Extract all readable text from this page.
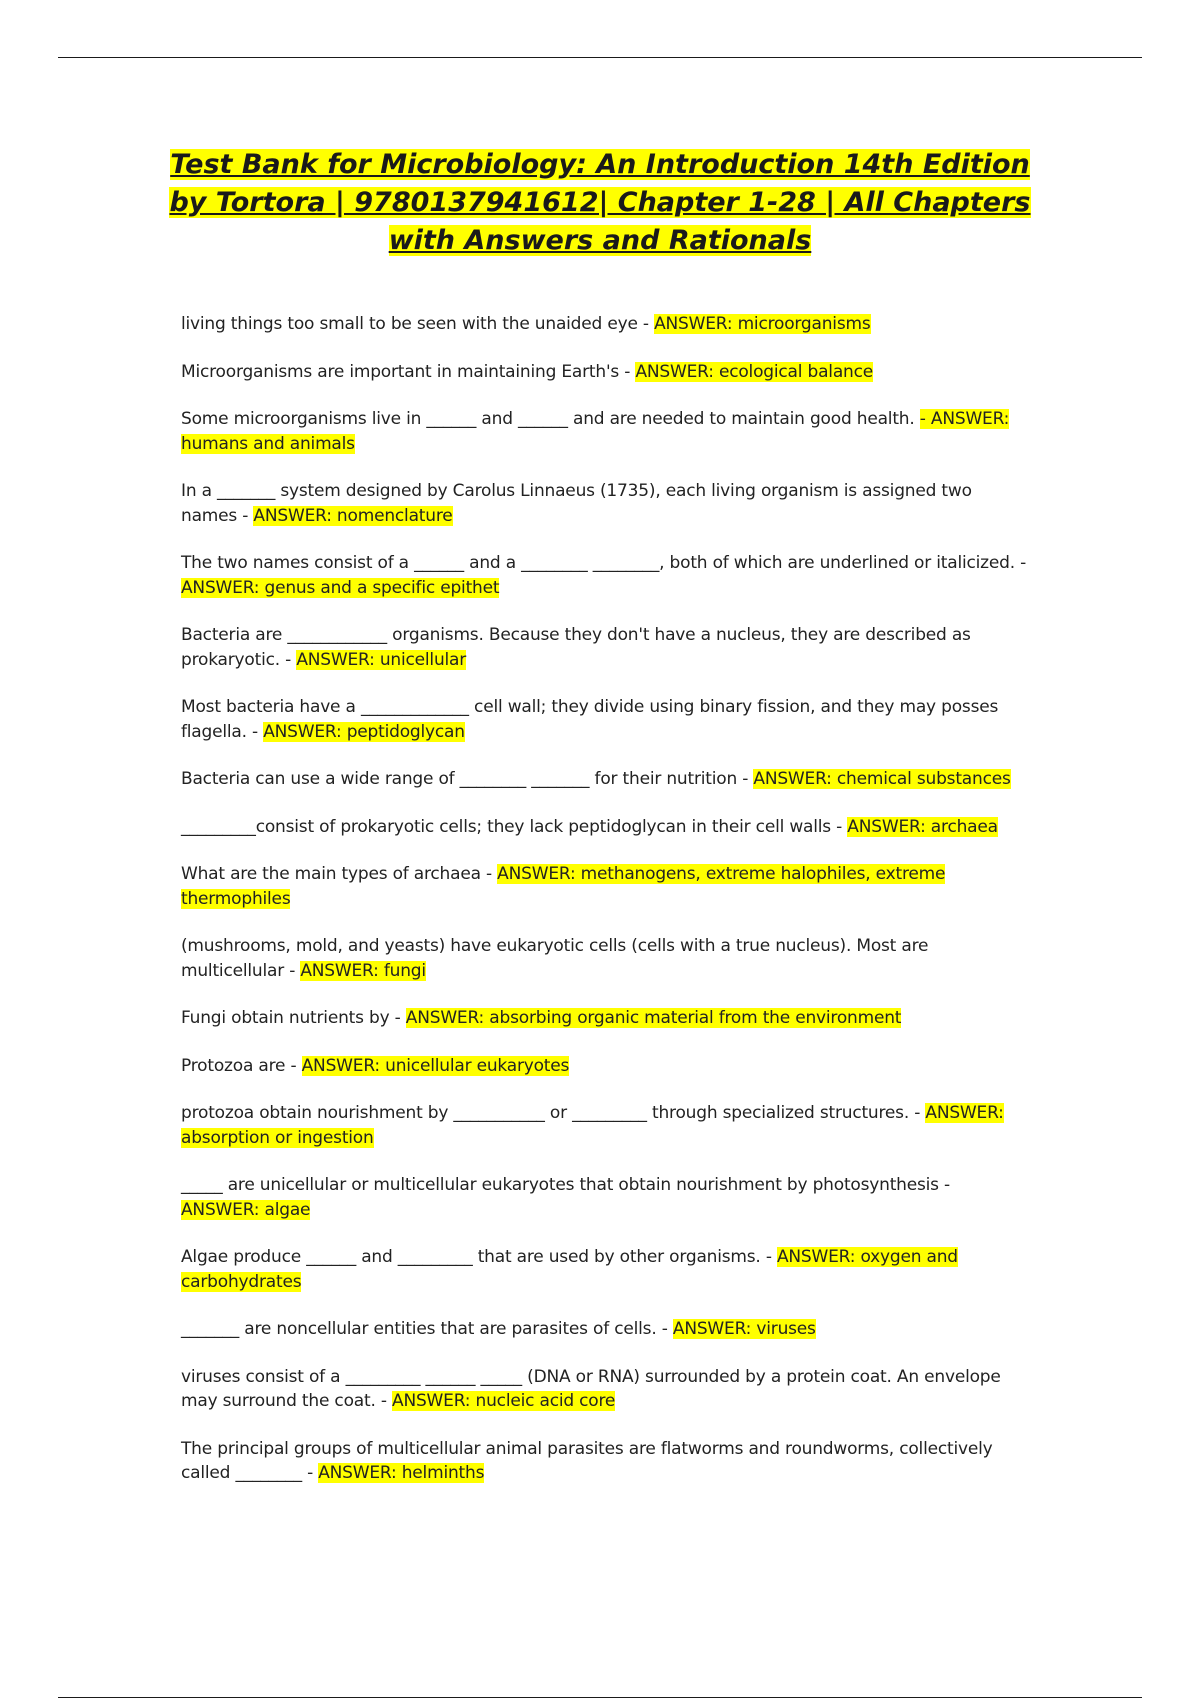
Test Bank for Microbiology: An Introduction 14th Edition by Tortora | 9780137941612| Chapter 1-28 | All Chapters with Answers and Rationals
living things too small to be seen with the unaided eye - ANSWER: microorganisms
Microorganisms are important in maintaining Earth's - ANSWER: ecological balance
Some microorganisms live in ______ and ______ and are needed to maintain good health. - ANSWER: humans and animals
In a _______ system designed by Carolus Linnaeus (1735), each living organism is assigned two names - ANSWER: nomenclature
The two names consist of a ______ and a ________ ________, both of which are underlined or italicized. - ANSWER: genus and a specific epithet
Bacteria are ____________ organisms. Because they don't have a nucleus, they are described as prokaryotic. - ANSWER: unicellular
Most bacteria have a _____________ cell wall; they divide using binary fission, and they may posses flagella. - ANSWER: peptidoglycan
Bacteria can use a wide range of ________ _______ for their nutrition - ANSWER: chemical substances
_________consist of prokaryotic cells; they lack peptidoglycan in their cell walls - ANSWER: archaea
What are the main types of archaea - ANSWER: methanogens, extreme halophiles, extreme thermophiles
(mushrooms, mold, and yeasts) have eukaryotic cells (cells with a true nucleus). Most are multicellular - ANSWER: fungi
Fungi obtain nutrients by - ANSWER: absorbing organic material from the environment
Protozoa are - ANSWER: unicellular eukaryotes
protozoa obtain nourishment by ___________ or _________ through specialized structures. - ANSWER: absorption or ingestion
_____ are unicellular or multicellular eukaryotes that obtain nourishment by photosynthesis - ANSWER: algae
Algae produce ______ and _________ that are used by other organisms. - ANSWER: oxygen and carbohydrates
_______ are noncellular entities that are parasites of cells. - ANSWER: viruses
viruses consist of a _________ ______ _____ (DNA or RNA) surrounded by a protein coat. An envelope may surround the coat. - ANSWER: nucleic acid core
The principal groups of multicellular animal parasites are flatworms and roundworms, collectively called ________ - ANSWER: helminths
